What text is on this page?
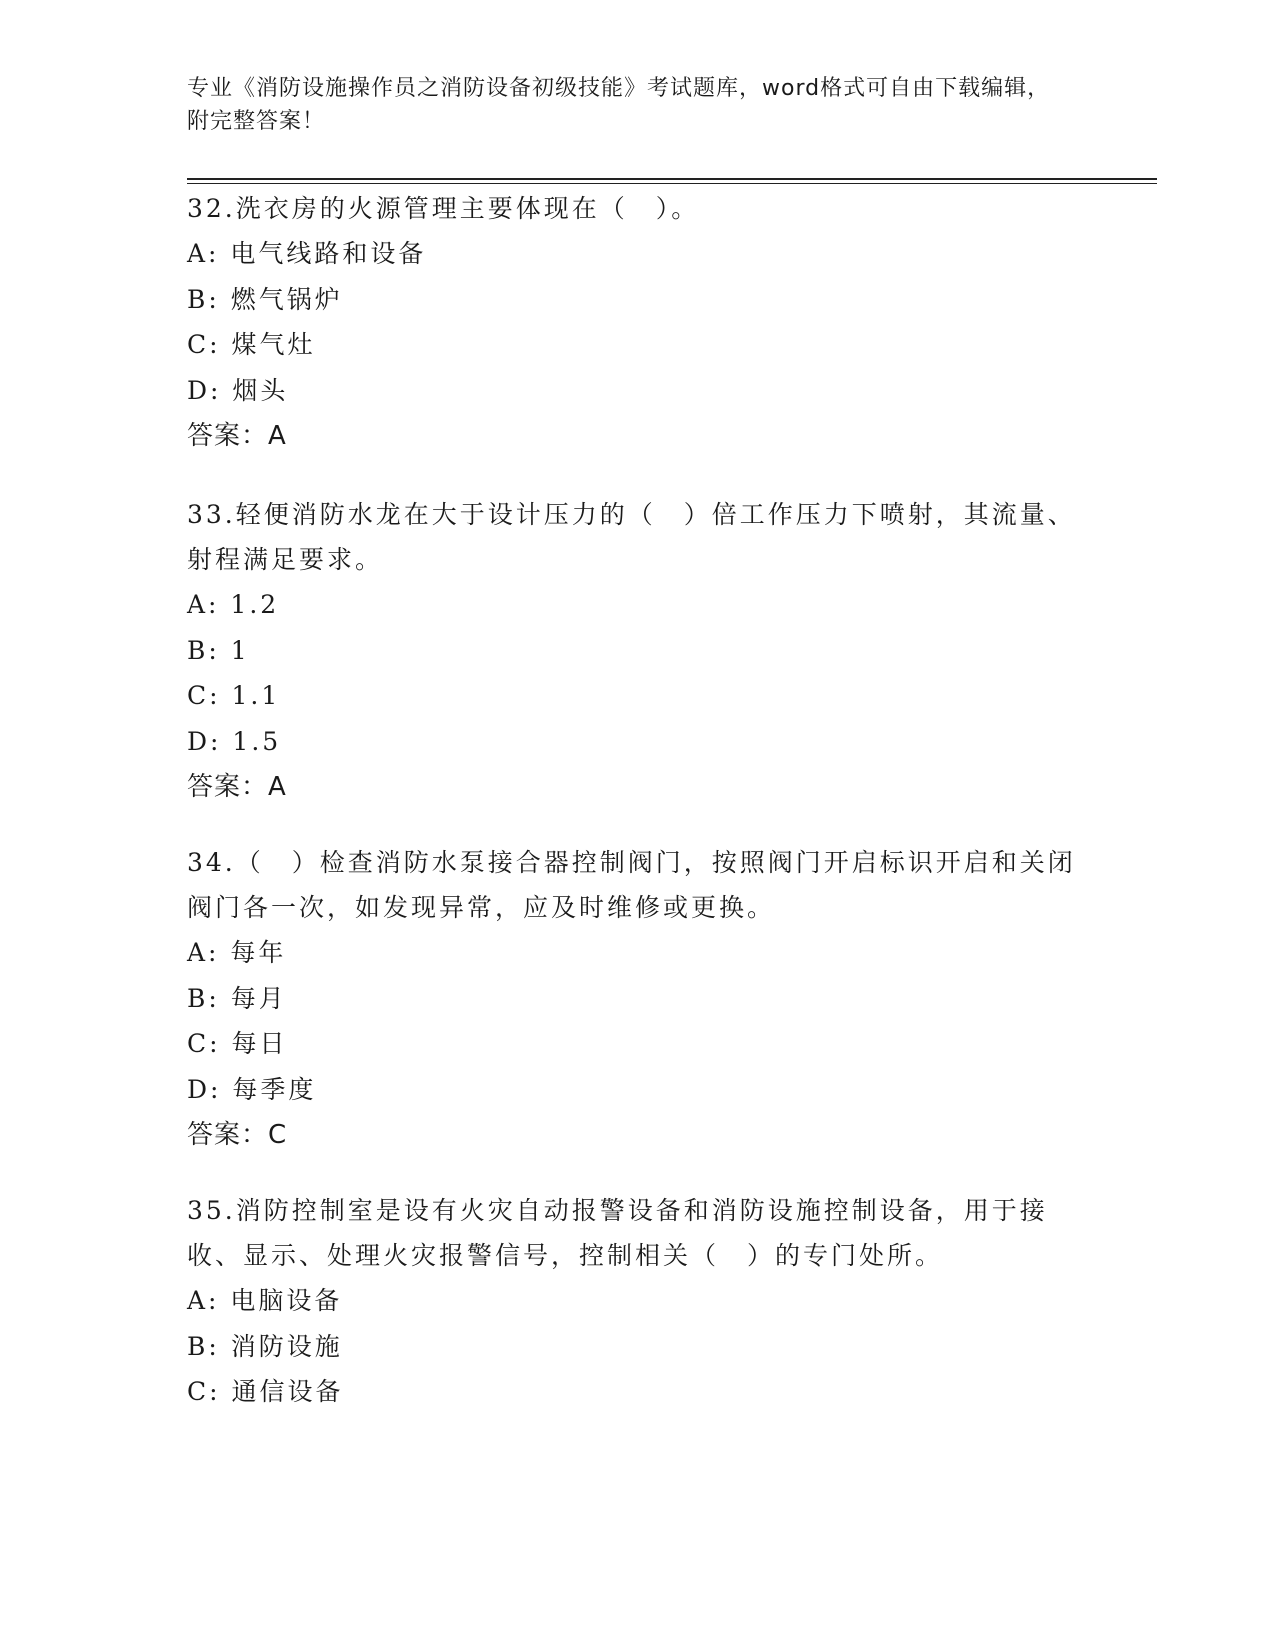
专业《消防设施操作员之消防设备初级技能》考试题库，word格式可自由下载编辑，附完整答案！

32.洗衣房的火源管理主要体现在（　）。

A: 电气线路和设备

B: 燃气锅炉

C: 煤气灶

D: 烟头

答案：A

33.轻便消防水龙在大于设计压力的（　）倍工作压力下喷射，其流量、射程满足要求。

A: 1.2

B: 1

C: 1.1

D: 1.5

答案：A

34.（　）检查消防水泵接合器控制阀门，按照阀门开启标识开启和关闭阀门各一次，如发现异常，应及时维修或更换。

A: 每年

B: 每月

C: 每日

D: 每季度

答案：C

35.消防控制室是设有火灾自动报警设备和消防设施控制设备，用于接收、显示、处理火灾报警信号，控制相关（　）的专门处所。

A: 电脑设备

B: 消防设施

C: 通信设备
